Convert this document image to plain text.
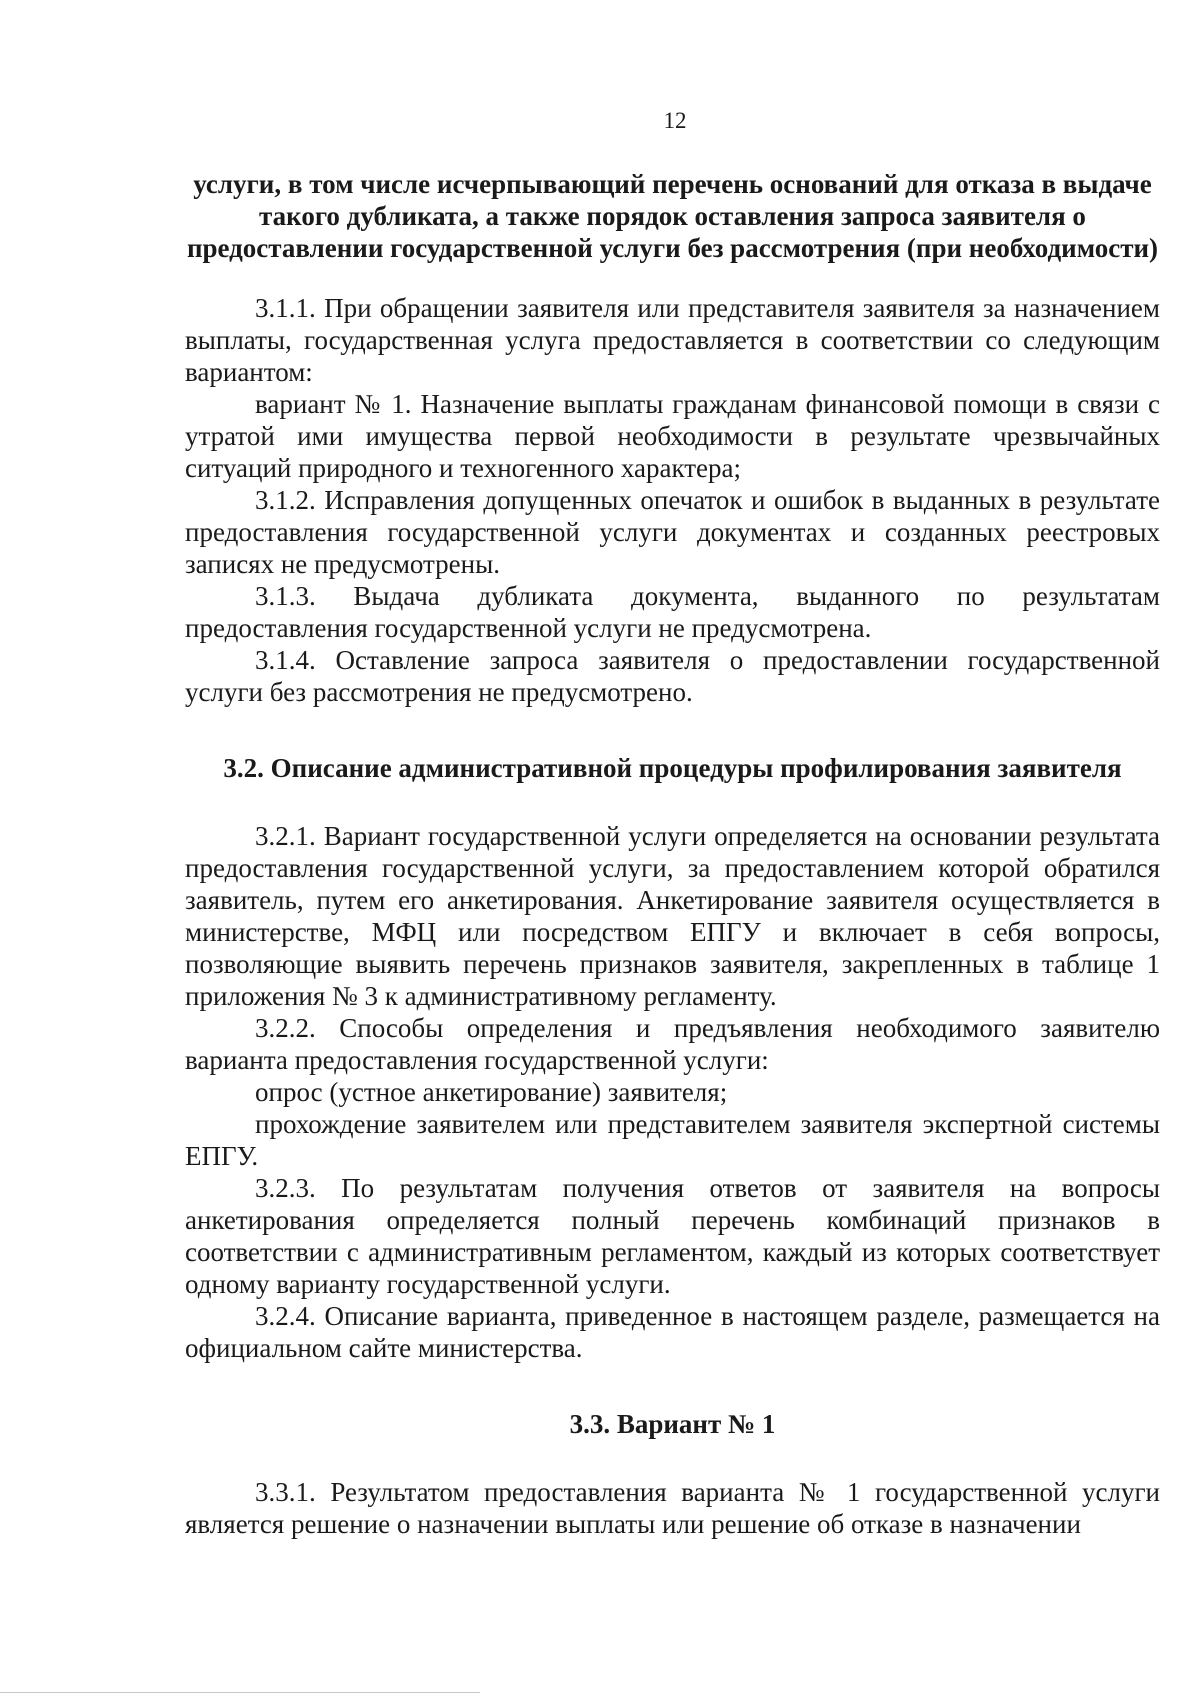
12

услуги, в том числе исчерпывающий перечень оснований для отказа в выдаче такого дубликата, а также порядок оставления запроса заявителя о предоставлении государственной услуги без рассмотрения (при необходимости)

3.1.1. При обращении заявителя или представителя заявителя за назначением выплаты, государственная услуга предоставляется в соответствии со следующим вариантом:

вариант № 1. Назначение выплаты гражданам финансовой помощи в связи с утратой ими имущества первой необходимости в результате чрезвычайных ситуаций природного и техногенного характера;

3.1.2. Исправления допущенных опечаток и ошибок в выданных в результате предоставления государственной услуги документах и созданных реестровых записях не предусмотрены.

3.1.3. Выдача дубликата документа, выданного по результатам предоставления государственной услуги не предусмотрена.

3.1.4. Оставление запроса заявителя о предоставлении государственной услуги без рассмотрения не предусмотрено.

3.2. Описание административной процедуры профилирования заявителя

3.2.1. Вариант государственной услуги определяется на основании результата предоставления государственной услуги, за предоставлением которой обратился заявитель, путем его анкетирования. Анкетирование заявителя осуществляется в министерстве, МФЦ или посредством ЕПГУ и включает в себя вопросы, позволяющие выявить перечень признаков заявителя, закрепленных в таблице 1 приложения № 3 к административному регламенту.

3.2.2. Способы определения и предъявления необходимого заявителю варианта предоставления государственной услуги:

опрос (устное анкетирование) заявителя;

прохождение заявителем или представителем заявителя экспертной системы ЕПГУ.

3.2.3. По результатам получения ответов от заявителя на вопросы анкетирования определяется полный перечень комбинаций признаков в соответствии с административным регламентом, каждый из которых соответствует одному варианту государственной услуги.

3.2.4. Описание варианта, приведенное в настоящем разделе, размещается на официальном сайте министерства.

3.3. Вариант № 1

3.3.1. Результатом предоставления варианта № 1 государственной услуги является решение о назначении выплаты или решение об отказе в назначении
